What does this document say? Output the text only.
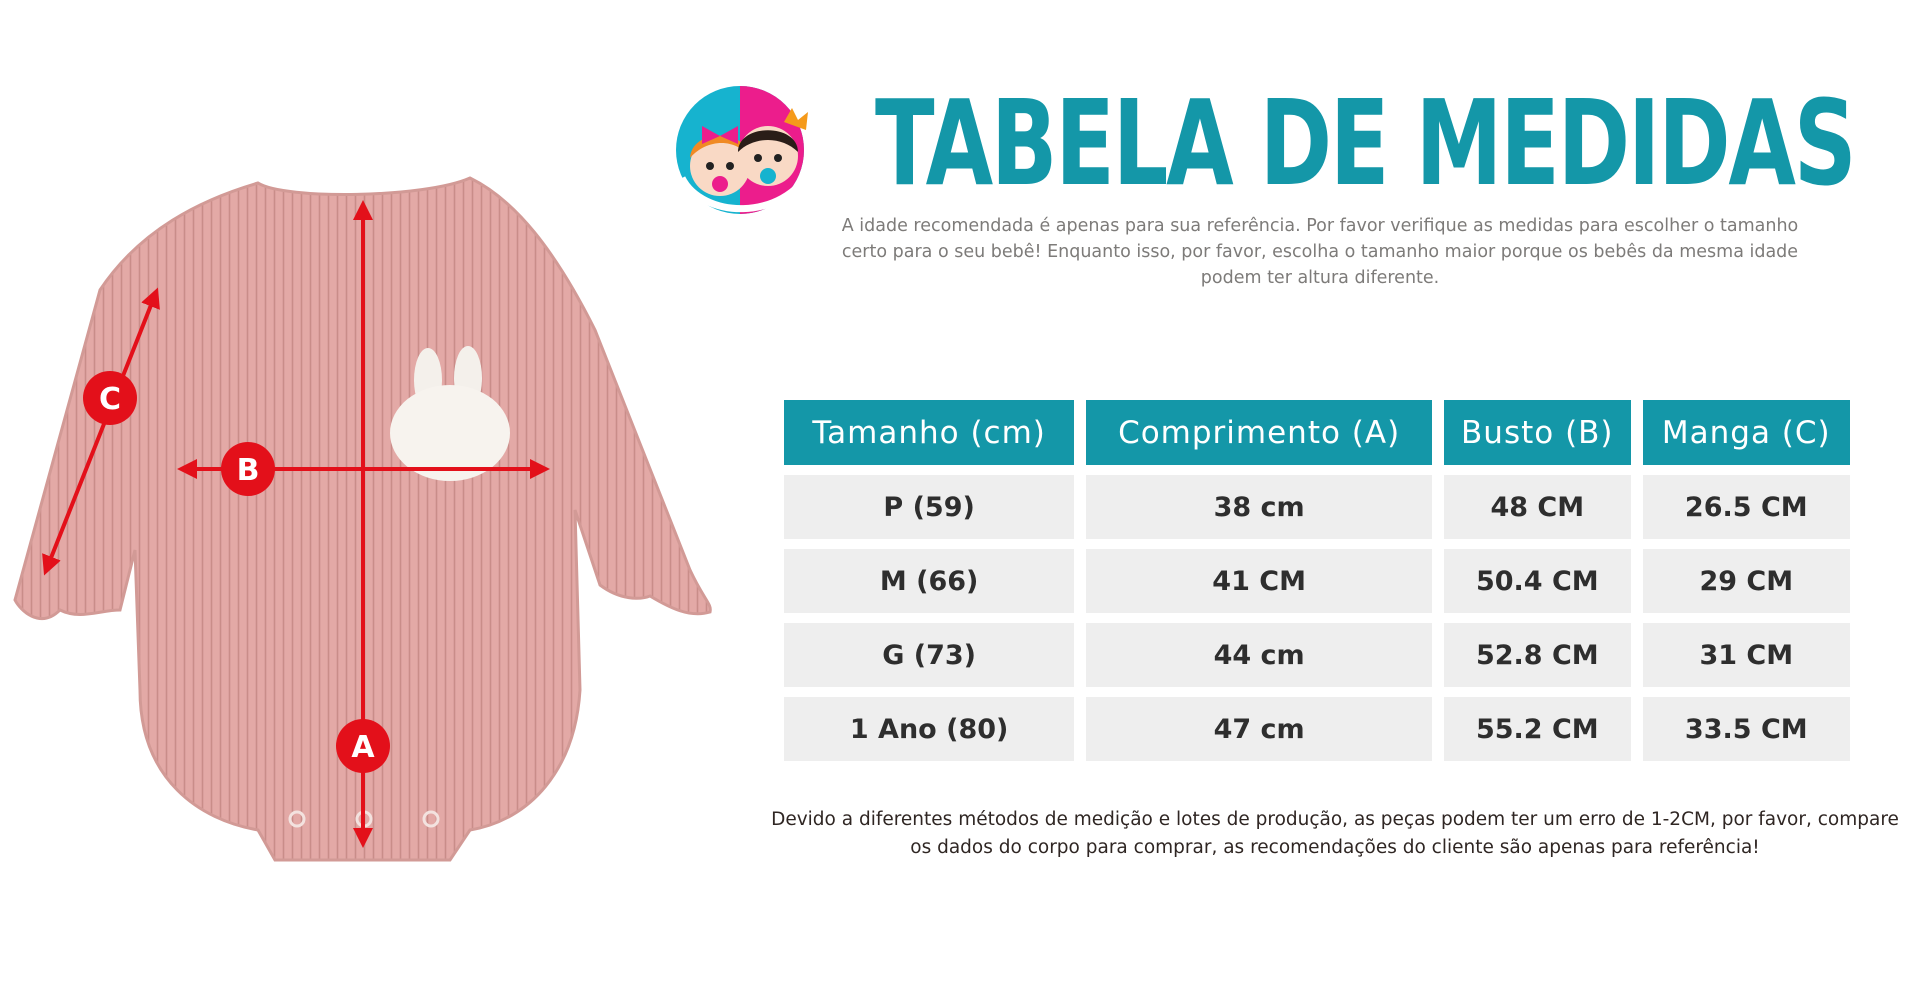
C
B
A
TABELA DE MEDIDAS

A idade recomendada é apenas para sua referência. Por favor verifique as medidas para escolher o tamanho certo para o seu bebê! Enquanto isso, por favor, escolha o tamanho maior porque os bebês da mesma idade podem ter altura diferente.

Tamanho (cm)	Comprimento (A)	Busto (B)	Manga (C)
P (59)	38 cm	48 CM	26.5 CM
M (66)	41 CM	50.4 CM	29 CM
G (73)	44 cm	52.8 CM	31 CM
1 Ano (80)	47 cm	55.2 CM	33.5 CM

Devido a diferentes métodos de medição e lotes de produção, as peças podem ter um erro de 1-2CM, por favor, compare os dados do corpo para comprar, as recomendações do cliente são apenas para referência!
